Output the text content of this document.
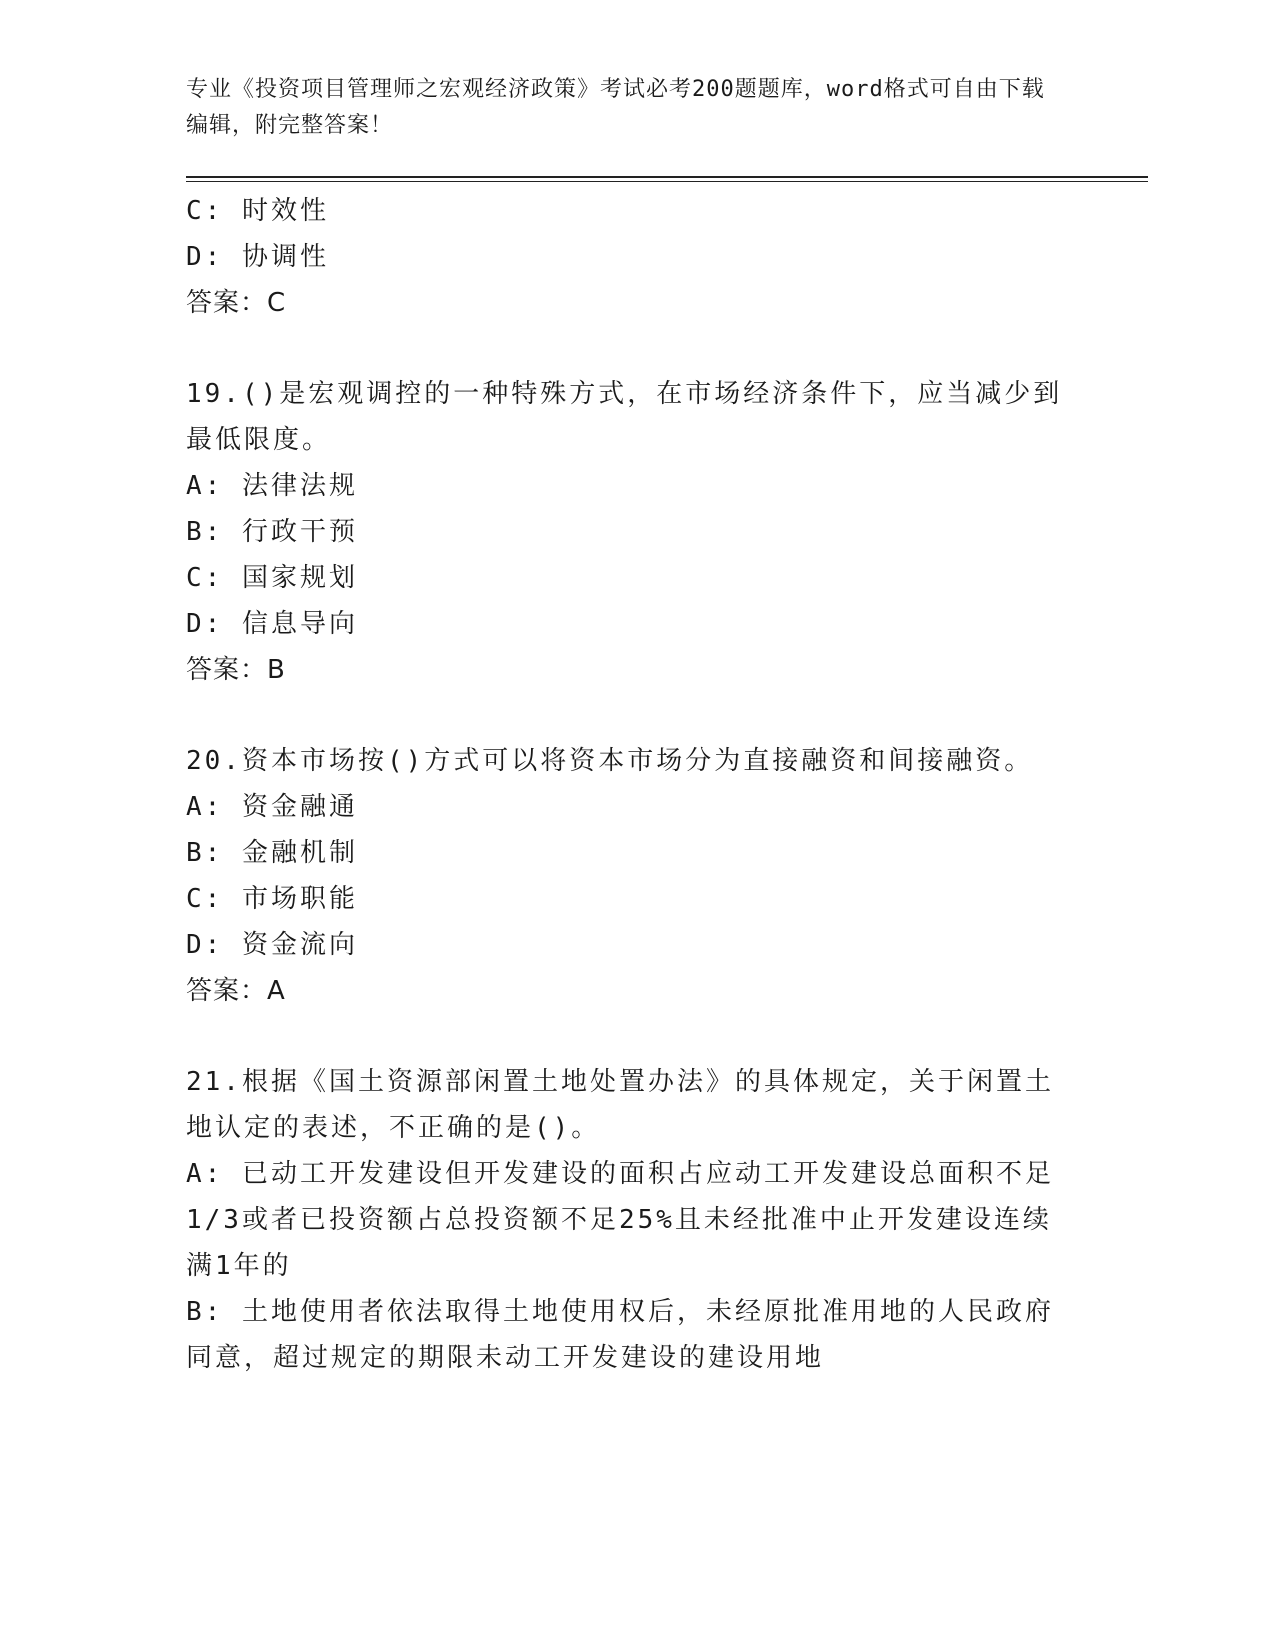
专业《投资项目管理师之宏观经济政策》考试必考200题题库，word格式可自由下载编辑，附完整答案！
C: 时效性
D: 协调性
答案：C
19.()是宏观调控的一种特殊方式，在市场经济条件下，应当减少到最低限度。
A: 法律法规
B: 行政干预
C: 国家规划
D: 信息导向
答案：B
20.资本市场按()方式可以将资本市场分为直接融资和间接融资。
A: 资金融通
B: 金融机制
C: 市场职能
D: 资金流向
答案：A
21.根据《国土资源部闲置土地处置办法》的具体规定，关于闲置土地认定的表述，不正确的是()。
A: 已动工开发建设但开发建设的面积占应动工开发建设总面积不足1/3或者已投资额占总投资额不足25%且未经批准中止开发建设连续满1年的
B: 土地使用者依法取得土地使用权后，未经原批准用地的人民政府同意，超过规定的期限未动工开发建设的建设用地
